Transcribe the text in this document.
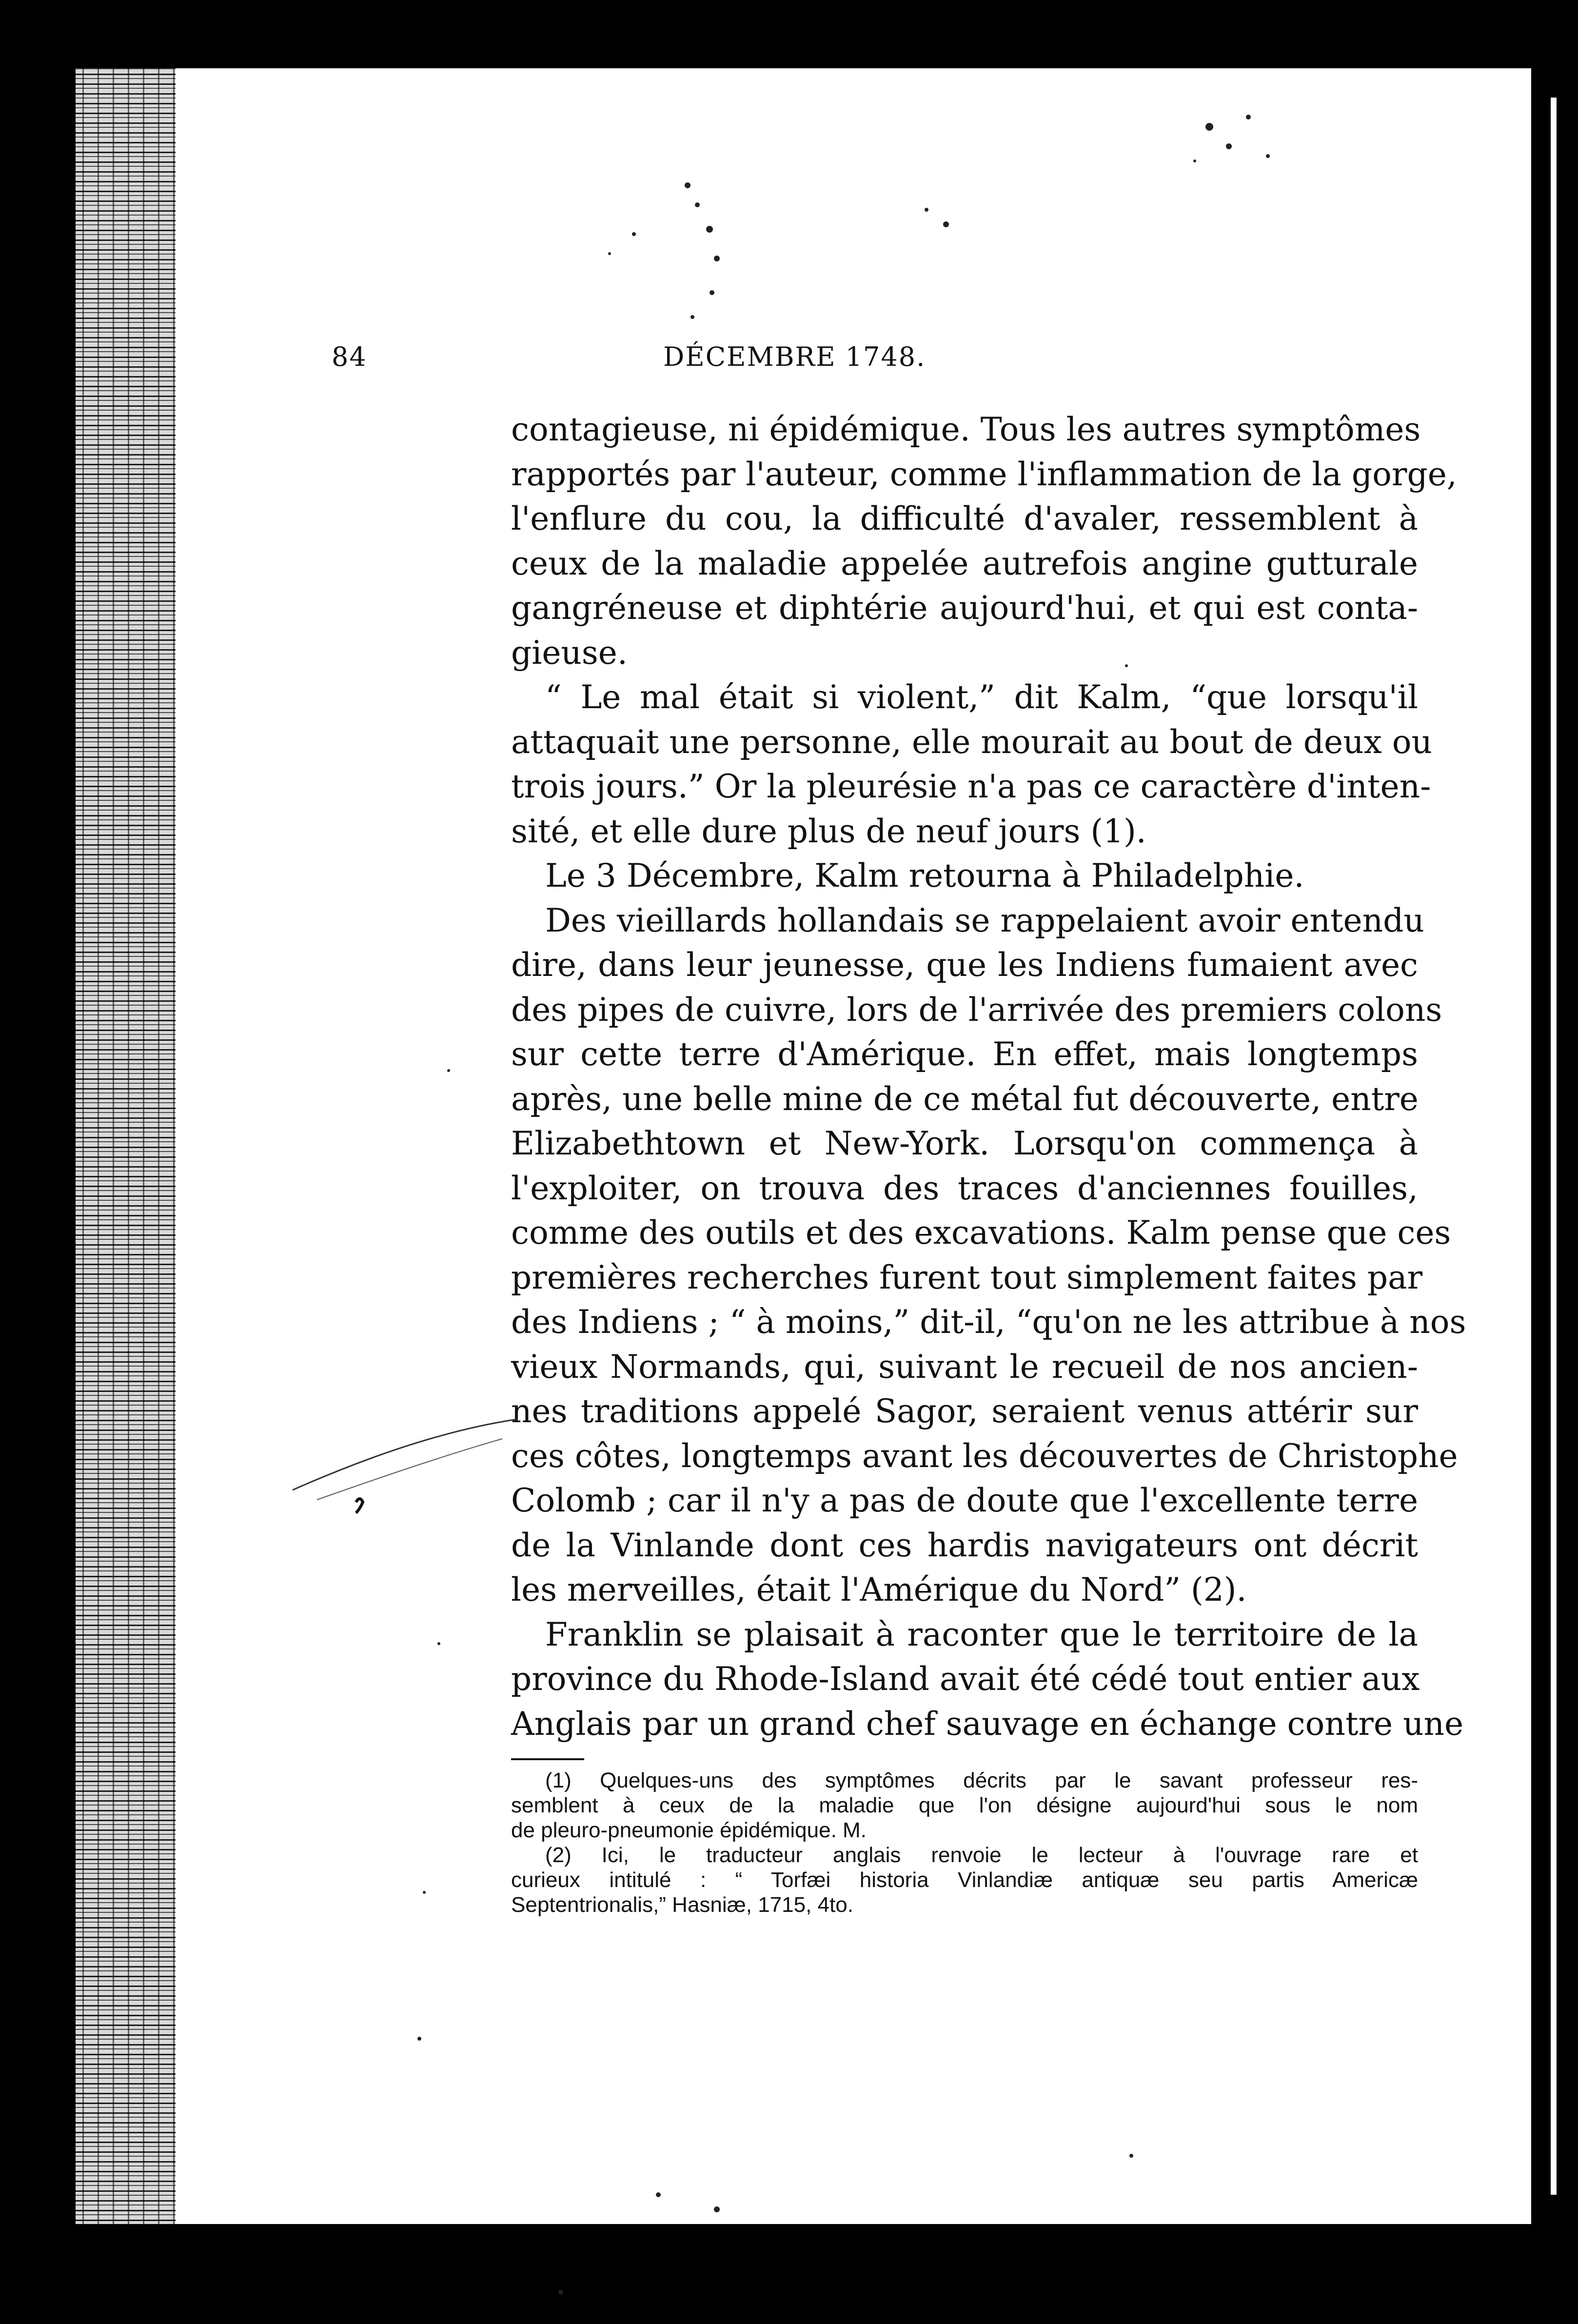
84	DÉCEMBRE 1748.
contagieuse, ni épidémique. Tous les autres symptômes
rapportés par l'auteur, comme l'inflammation de la gorge,
l'enflure du cou, la difficulté d'avaler, ressemblent à
ceux de la maladie appelée autrefois angine gutturale
gangréneuse et diphtérie aujourd'hui, et qui est conta-
gieuse.
“ Le mal était si violent,” dit Kalm, “que lorsqu'il
attaquait une personne, elle mourait au bout de deux ou
trois jours.” Or la pleurésie n'a pas ce caractère d'inten-
sité, et elle dure plus de neuf jours (1).
Le 3 Décembre, Kalm retourna à Philadelphie.
Des vieillards hollandais se rappelaient avoir entendu
dire, dans leur jeunesse, que les Indiens fumaient avec
des pipes de cuivre, lors de l'arrivée des premiers colons
sur cette terre d'Amérique. En effet, mais longtemps
après, une belle mine de ce métal fut découverte, entre
Elizabethtown et New-York. Lorsqu'on commença à
l'exploiter, on trouva des traces d'anciennes fouilles,
comme des outils et des excavations. Kalm pense que ces
premières recherches furent tout simplement faites par
des Indiens ; “ à moins,” dit-il, “qu'on ne les attribue à nos
vieux Normands, qui, suivant le recueil de nos ancien-
nes traditions appelé Sagor, seraient venus attérir sur
ces côtes, longtemps avant les découvertes de Christophe
Colomb ; car il n'y a pas de doute que l'excellente terre
de la Vinlande dont ces hardis navigateurs ont décrit
les merveilles, était l'Amérique du Nord” (2).
Franklin se plaisait à raconter que le territoire de la
province du Rhode-Island avait été cédé tout entier aux
Anglais par un grand chef sauvage en échange contre une
(1) Quelques-uns des symptômes décrits par le savant professeur res-
semblent à ceux de la maladie que l'on désigne aujourd'hui sous le nom
de pleuro-pneumonie épidémique. M.
(2) Ici, le traducteur anglais renvoie le lecteur à l'ouvrage rare et
curieux intitulé : “ Torfæi historia Vinlandiæ antiquæ seu partis Americæ
Septentrionalis,” Hasniæ, 1715, 4to.
